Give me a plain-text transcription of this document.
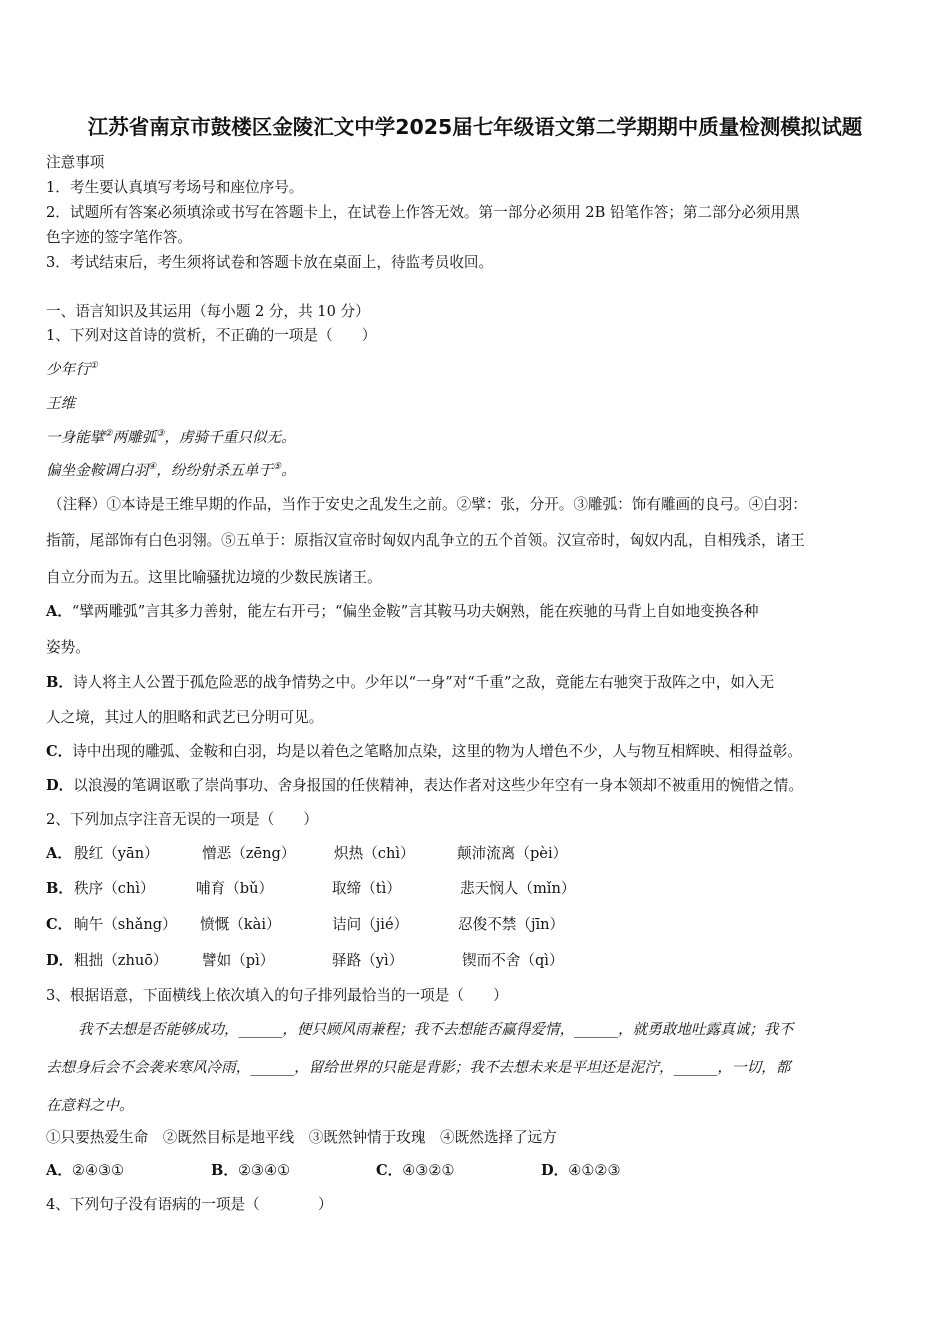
江苏省南京市鼓楼区金陵汇文中学2025届七年级语文第二学期期中质量检测模拟试题
注意事项
1．考生要认真填写考场号和座位序号。
2．试题所有答案必须填涂或书写在答题卡上，在试卷上作答无效。第一部分必须用 2B 铅笔作答；第二部分必须用黑
色字迹的签字笔作答。
3．考试结束后，考生须将试卷和答题卡放在桌面上，待监考员收回。
一、语言知识及其运用（每小题 2 分，共 10 分）
1、下列对这首诗的赏析，不正确的一项是（　　）
少年行①
王维
一身能擘②两雕弧③，虏骑千重只似无。
偏坐金鞍调白羽④，纷纷射杀五单于⑤。
（注释）①本诗是王维早期的作品，当作于安史之乱发生之前。②擘：张，分开。③雕弧：饰有雕画的良弓。④白羽：
指箭，尾部饰有白色羽翎。⑤五单于：原指汉宣帝时匈奴内乱争立的五个首领。汉宣帝时，匈奴内乱，自相残杀，诸王
自立分而为五。这里比喻骚扰边境的少数民族诸王。
A．“擘两雕弧”言其多力善射，能左右开弓；“偏坐金鞍”言其鞍马功夫娴熟，能在疾驰的马背上自如地变换各种
姿势。
B．诗人将主人公置于孤危险恶的战争情势之中。少年以“一身”对“千重”之敌，竟能左右驰突于敌阵之中，如入无
人之境，其过人的胆略和武艺已分明可见。
C．诗中出现的雕弧、金鞍和白羽，均是以着色之笔略加点染，这里的物为人增色不少，人与物互相辉映、相得益彰。
D．以浪漫的笔调讴歌了崇尚事功、舍身报国的任侠精神，表达作者对这些少年空有一身本领却不被重用的惋惜之情。
2、下列加点字注音无误的一项是（　　）
A． 殷红（yān）	憎恶（zēng）	炽热（chì）	颠沛流离（pèi）
B． 秩序（chì）	哺育（bǔ）	取缔（tì）	悲天悯人（mǐn）
C． 晌午（shǎng） 愤慨（kài）	诘问（jié）	忍俊不禁（jīn）
D． 粗拙（zhuō） 譬如（pì）	驿路（yì）	锲而不舍（qì）
3、根据语意，下面横线上依次填入的句子排列最恰当的一项是（　　）
我不去想是否能够成功，______，便只顾风雨兼程；我不去想能否赢得爱情，______，就勇敢地吐露真诚；我不
去想身后会不会袭来寒风冷雨，______，留给世界的只能是背影；我不去想未来是平坦还是泥泞，______，一切，都
在意料之中。
①只要热爱生命　②既然目标是地平线　③既然钟情于玫瑰　④既然选择了远方
A．②④③①	B．②③④①	C．④③②①	D．④①②③
4、下列句子没有语病的一项是（　　　　）
